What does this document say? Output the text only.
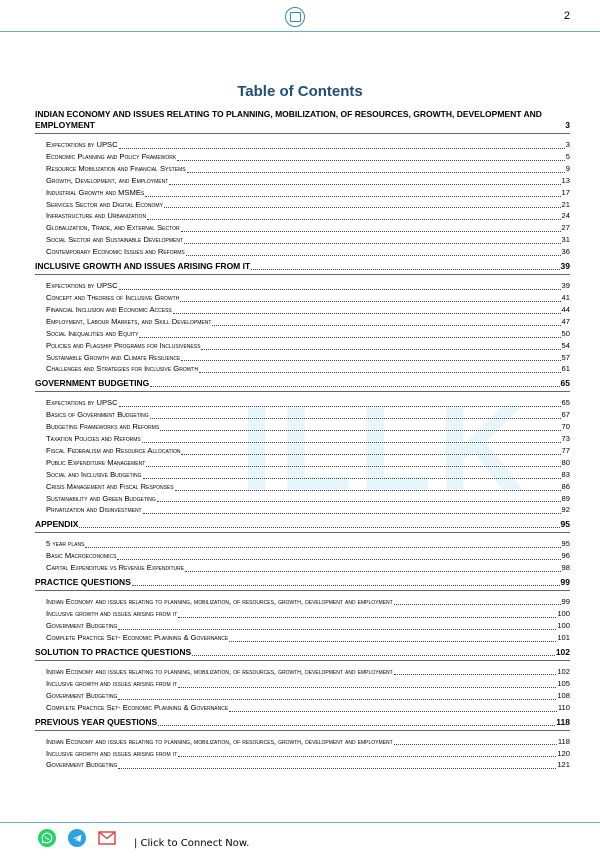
2
ILLK
Table of Contents
INDIAN ECONOMY AND ISSUES RELATING TO PLANNING, MOBILIZATION, OF RESOURCES, GROWTH, DEVELOPMENT AND EMPLOYMENT	3
Expectations by UPSC	3
Economic Planning and Policy Framework	5
Resource Mobilization and Financial Systems	9
Growth, Development, and Employment	13
Industrial Growth and MSMEs	17
Services Sector and Digital Economy	21
Infrastructure and Urbanization	24
Globalization, Trade, and External Sector	27
Social Sector and Sustainable Development	31
Contemporary Economic Issues and Reforms	36
INCLUSIVE GROWTH AND ISSUES ARISING FROM IT	39
Expectations by UPSC	39
Concept and Theories of Inclusive Growth	41
Financial Inclusion and Economic Access	44
Employment, Labour Markets, and Skill Development	47
Social Inequalities and Equity	50
Policies and Flagship Programs for Inclusiveness	54
Sustainable Growth and Climate Resilience	57
Challenges and Strategies for Inclusive Growth	61
GOVERNMENT BUDGETING	65
Expectations by UPSC	65
Basics of Government Budgeting	67
Budgeting Frameworks and Reforms	70
Taxation Policies and Reforms	73
Fiscal Federalism and Resource Allocation	77
Public Expenditure Management	80
Social and Inclusive Budgeting	83
Crisis Management and Fiscal Responses	86
Sustainability and Green Budgeting	89
Privatization and Disinvestment	92
APPENDIX	95
5 year plans	95
Basic Macroeconomics	96
Capital Expenditure vs Revenue Expenditure	98
PRACTICE QUESTIONS	99
Indian Economy and issues relating to planning, mobilization, of resources, growth, development and employment	99
Inclusive growth and issues arising from it	100
Government Budgeting	100
Complete Practice Set- Economic Planning & Governance	101
SOLUTION TO PRACTICE QUESTIONS	102
Indian Economy and issues relating to planning, mobilization, of resources, growth, development and employment	102
Inclusive growth and issues arising from it	105
Government Budgeting	108
Complete Practice Set- Economic Planning & Governance	110
PREVIOUS YEAR QUESTIONS	118
Indian Economy and issues relating to planning, mobilization, of resources, growth, development and employment	118
Inclusive growth and issues arising from it	120
Government Budgeting	121
| Click to Connect Now.
